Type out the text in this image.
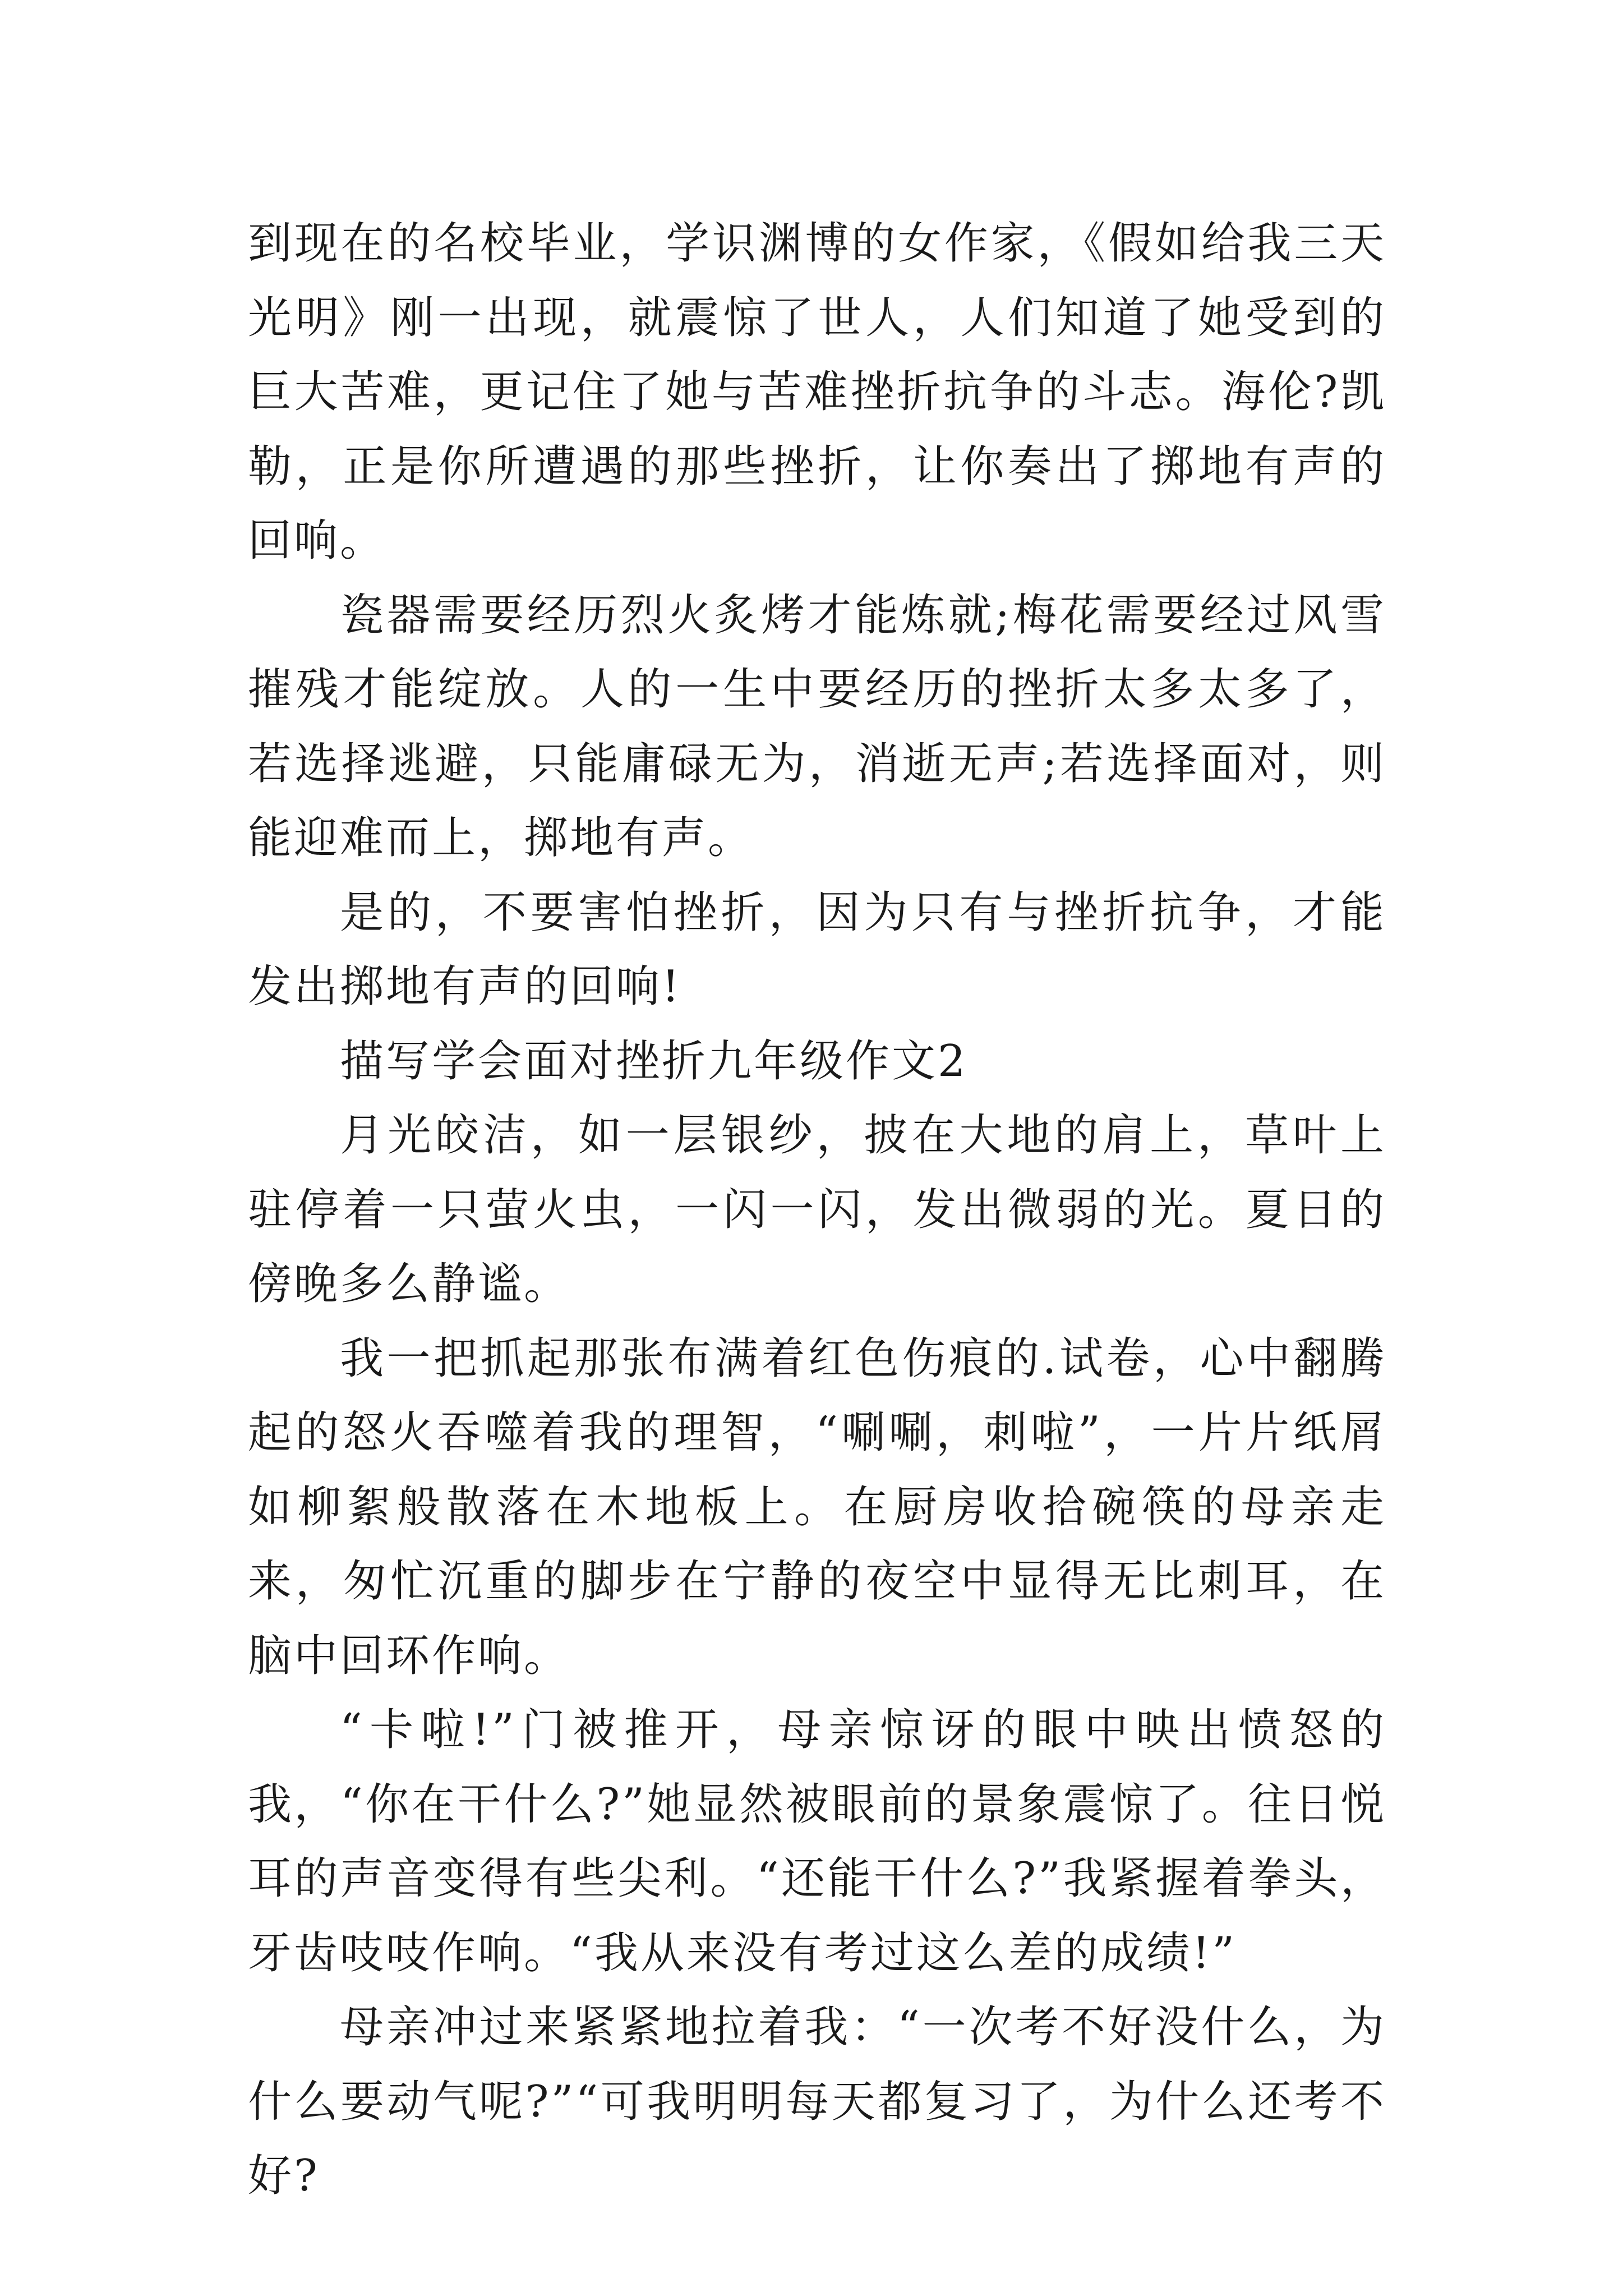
到现在的名校毕业，学识渊博的女作家，《假如给我三天光明》刚一出现，就震惊了世人，人们知道了她受到的巨大苦难，更记住了她与苦难挫折抗争的斗志。海伦?凯勒，正是你所遭遇的那些挫折，让你奏出了掷地有声的回响。

瓷器需要经历烈火炙烤才能炼就;梅花需要经过风雪摧残才能绽放。人的一生中要经历的挫折太多太多了，若选择逃避，只能庸碌无为，消逝无声;若选择面对，则能迎难而上，掷地有声。

是的，不要害怕挫折，因为只有与挫折抗争，才能发出掷地有声的回响!

描写学会面对挫折九年级作文2

月光皎洁，如一层银纱，披在大地的肩上，草叶上驻停着一只萤火虫，一闪一闪，发出微弱的光。夏日的傍晚多么静谧。

我一把抓起那张布满着红色伤痕的.试卷，心中翻腾起的怒火吞噬着我的理智，“唰唰，刺啦”，一片片纸屑如柳絮般散落在木地板上。在厨房收拾碗筷的母亲走来，匆忙沉重的脚步在宁静的夜空中显得无比刺耳，在脑中回环作响。

“卡啦!”门被推开，母亲惊讶的眼中映出愤怒的我，“你在干什么?”她显然被眼前的景象震惊了。往日悦耳的声音变得有些尖利。“还能干什么?”我紧握着拳头，牙齿吱吱作响。“我从来没有考过这么差的成绩!”

母亲冲过来紧紧地拉着我：“一次考不好没什么，为什么要动气呢?”“可我明明每天都复习了，为什么还考不好?
